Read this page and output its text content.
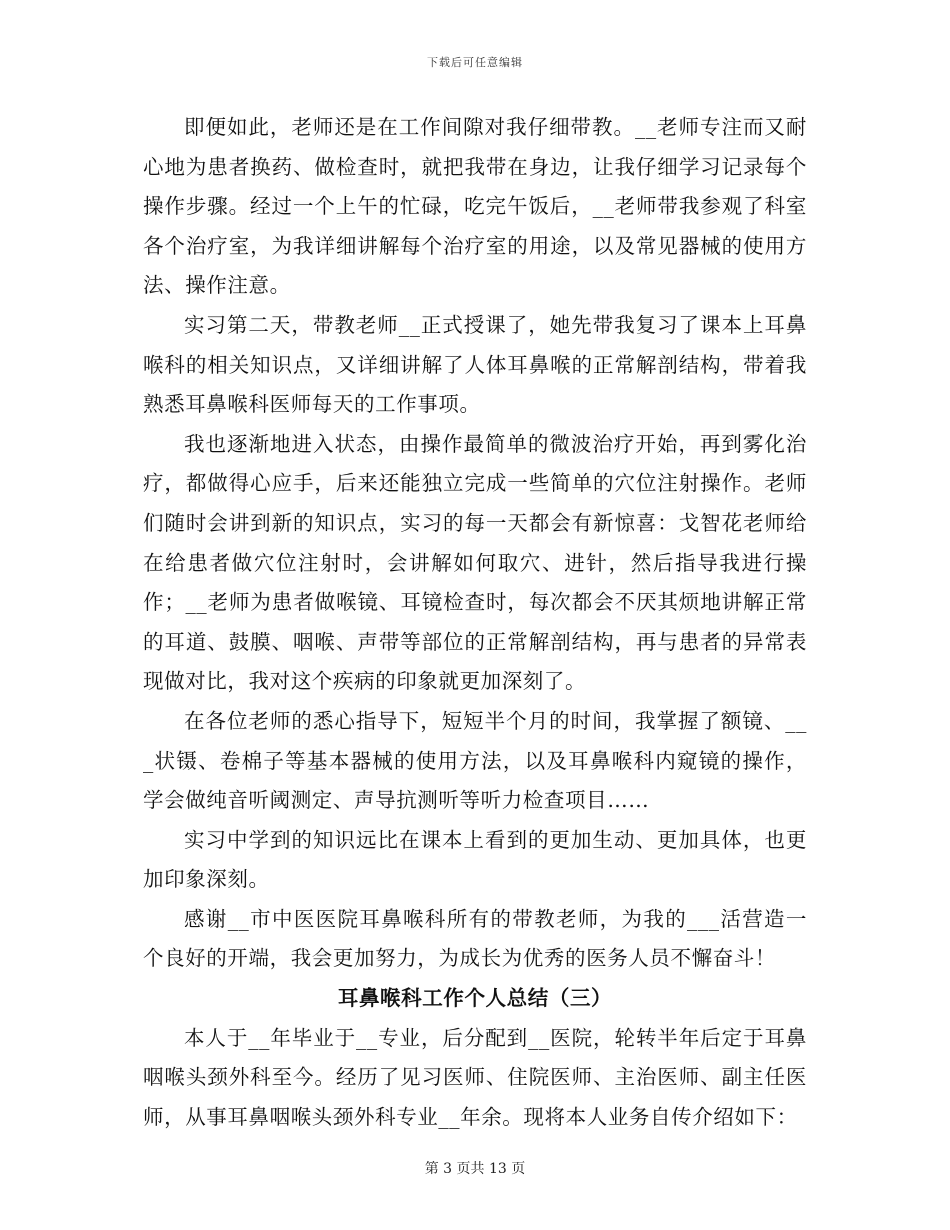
下载后可任意编辑

即便如此，老师还是在工作间隙对我仔细带教。__老师专注而又耐心地为患者换药、做检查时，就把我带在身边，让我仔细学习记录每个操作步骤。经过一个上午的忙碌，吃完午饭后，__老师带我参观了科室各个治疗室，为我详细讲解每个治疗室的用途，以及常见器械的使用方法、操作注意。

实习第二天，带教老师__正式授课了，她先带我复习了课本上耳鼻喉科的相关知识点，又详细讲解了人体耳鼻喉的正常解剖结构，带着我熟悉耳鼻喉科医师每天的工作事项。

我也逐渐地进入状态，由操作最简单的微波治疗开始，再到雾化治疗，都做得心应手，后来还能独立完成一些简单的穴位注射操作。老师们随时会讲到新的知识点，实习的每一天都会有新惊喜：戈智花老师给在给患者做穴位注射时，会讲解如何取穴、进针，然后指导我进行操作；__老师为患者做喉镜、耳镜检查时，每次都会不厌其烦地讲解正常的耳道、鼓膜、咽喉、声带等部位的正常解剖结构，再与患者的异常表现做对比，我对这个疾病的印象就更加深刻了。

在各位老师的悉心指导下，短短半个月的时间，我掌握了额镜、___状镊、卷棉子等基本器械的使用方法，以及耳鼻喉科内窥镜的操作，学会做纯音听阈测定、声导抗测听等听力检查项目……

实习中学到的知识远比在课本上看到的更加生动、更加具体，也更加印象深刻。

感谢__市中医医院耳鼻喉科所有的带教老师，为我的___活营造一个良好的开端，我会更加努力，为成长为优秀的医务人员不懈奋斗！

耳鼻喉科工作个人总结（三）

本人于__年毕业于__专业，后分配到__医院，轮转半年后定于耳鼻咽喉头颈外科至今。经历了见习医师、住院医师、主治医师、副主任医师，从事耳鼻咽喉头颈外科专业__年余。现将本人业务自传介绍如下：

第 3 页共 13 页
